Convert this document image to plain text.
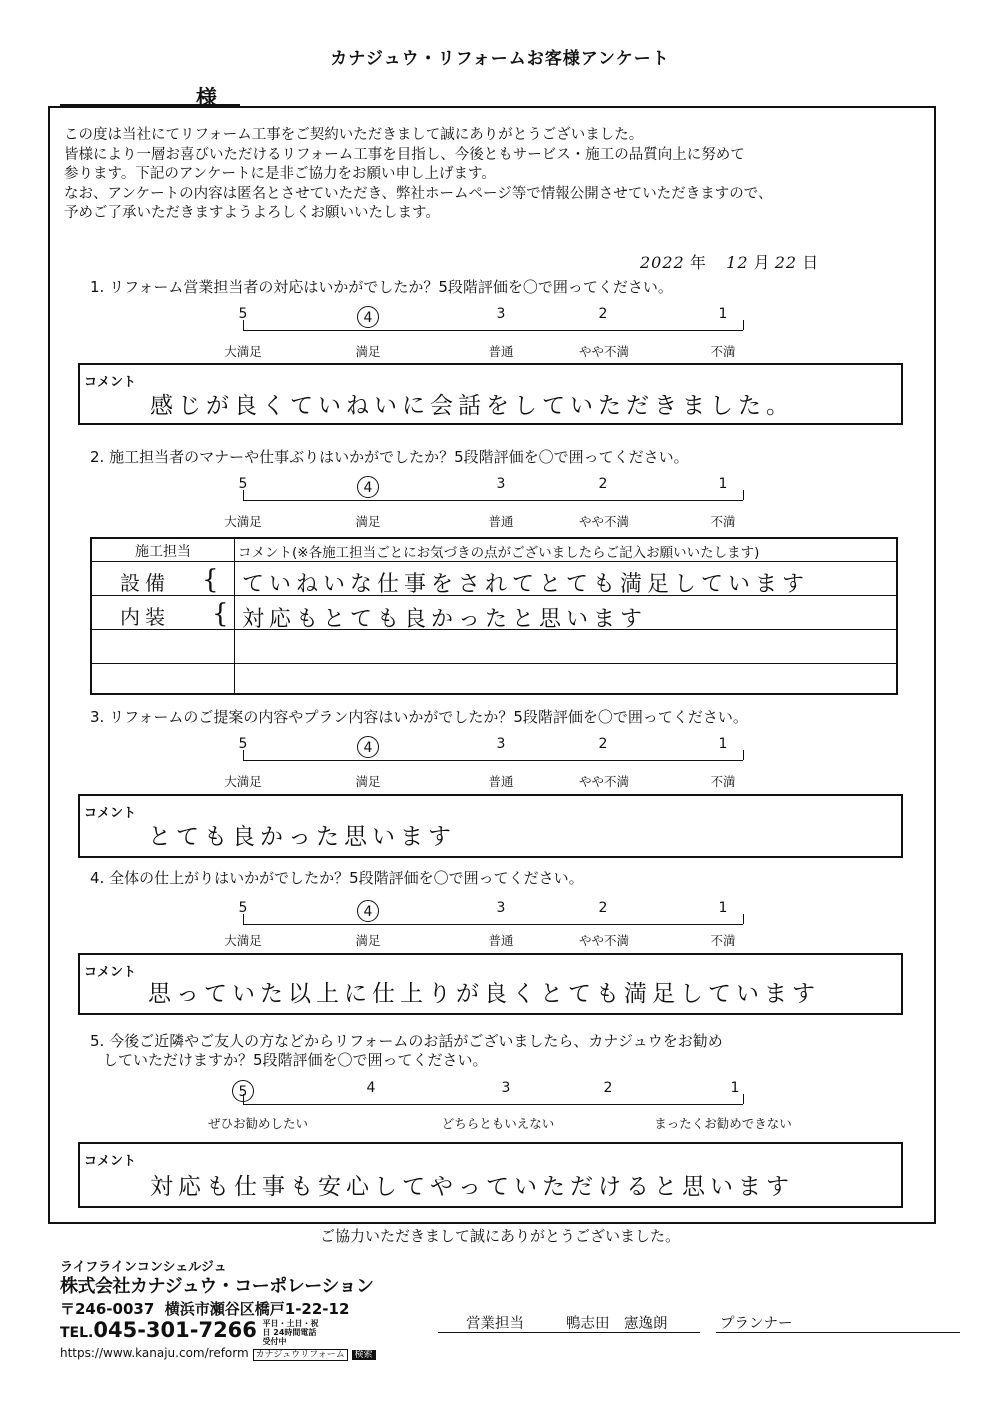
カナジュウ・リフォームお客様アンケート
様
この度は当社にてリフォーム工事をご契約いただきまして誠にありがとうございました。
皆様により一層お喜びいただけるリフォーム工事を目指し、今後ともサービス・施工の品質向上に努めて
参ります。下記のアンケートに是非ご協力をお願い申し上げます。
なお、アンケートの内容は匿名とさせていただき、弊社ホームページ等で情報公開させていただきますので、
予めご了承いただきますようよろしくお願いいたします。
2022 年 12 月 22 日
1. リフォーム営業担当者の対応はいかがでしたか？5段階評価を〇で囲ってください。
5	4	3	2	1
大満足	満足	普通	やや不満	不満
コメント
感じが良くていねいに会話をしていただきました。
2. 施工担当者のマナーや仕事ぶりはいかがでしたか？5段階評価を〇で囲ってください。
5	4	3	2	1
大満足	満足	普通	やや不満	不満
施工担当	コメント(※各施工担当ごとにお気づきの点がございましたらご記入お願いいたします)
設備 { ていねいな仕事をされてとても満足しています
内装 { 対応もとても良かったと思います
3. リフォームのご提案の内容やプラン内容はいかがでしたか？5段階評価を〇で囲ってください。
5	4	3	2	1
大満足	満足	普通	やや不満	不満
コメント
とても良かった思います
4. 全体の仕上がりはいかがでしたか？5段階評価を〇で囲ってください。
5	4	3	2	1
大満足	満足	普通	やや不満	不満
コメント
思っていた以上に仕上りが良くとても満足しています
5. 今後ご近隣やご友人の方などからリフォームのお話がございましたら、カナジュウをお勧め
していただけますか？5段階評価を〇で囲ってください。
5	4	3	2	1
ぜひお勧めしたい	どちらともいえない	まったくお勧めできない
コメント
対応も仕事も安心してやっていただけると思います
ご協力いただきまして誠にありがとうございました。
ライフラインコンシェルジュ
株式会社カナジュウ・コーポレーション
〒246-0037 横浜市瀬谷区橋戸1-22-12
TEL.045-301-7266 平日・土日・祝日 24時間電話受付中
https://www.kanaju.com/reform カナジュウリフォーム 検索
営業担当	鴨志田　憲逸朗	プランナー
